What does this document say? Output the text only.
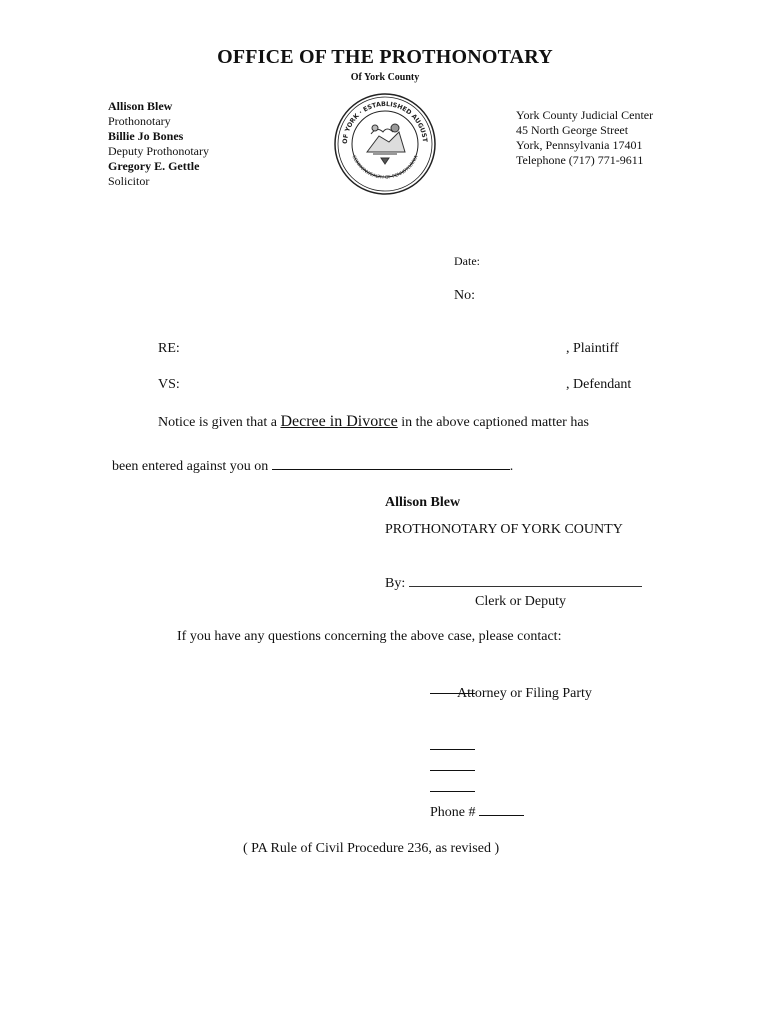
OFFICE OF THE PROTHONOTARY
Of York County
Allison Blew
Prothonotary
Billie Jo Bones
Deputy Prothonotary
Gregory E. Gettle
Solicitor
OF YORK · ESTABLISHED AUGUST
COMMONWEALTH OF PENNSYLVANIA
York County Judicial Center
45 North George Street
York, Pennsylvania 17401
Telephone (717) 771-9611
Date:
No:
RE:	, Plaintiff
VS:	, Defendant
Notice is given that a Decree in Divorce in the above captioned matter has
been entered against you on	.
Allison Blew
PROTHONOTARY OF YORK COUNTY
By:
Clerk or Deputy
If you have any questions concerning the above case, please contact:
Attorney or Filing Party
Phone #
( PA Rule of Civil Procedure 236, as revised )
